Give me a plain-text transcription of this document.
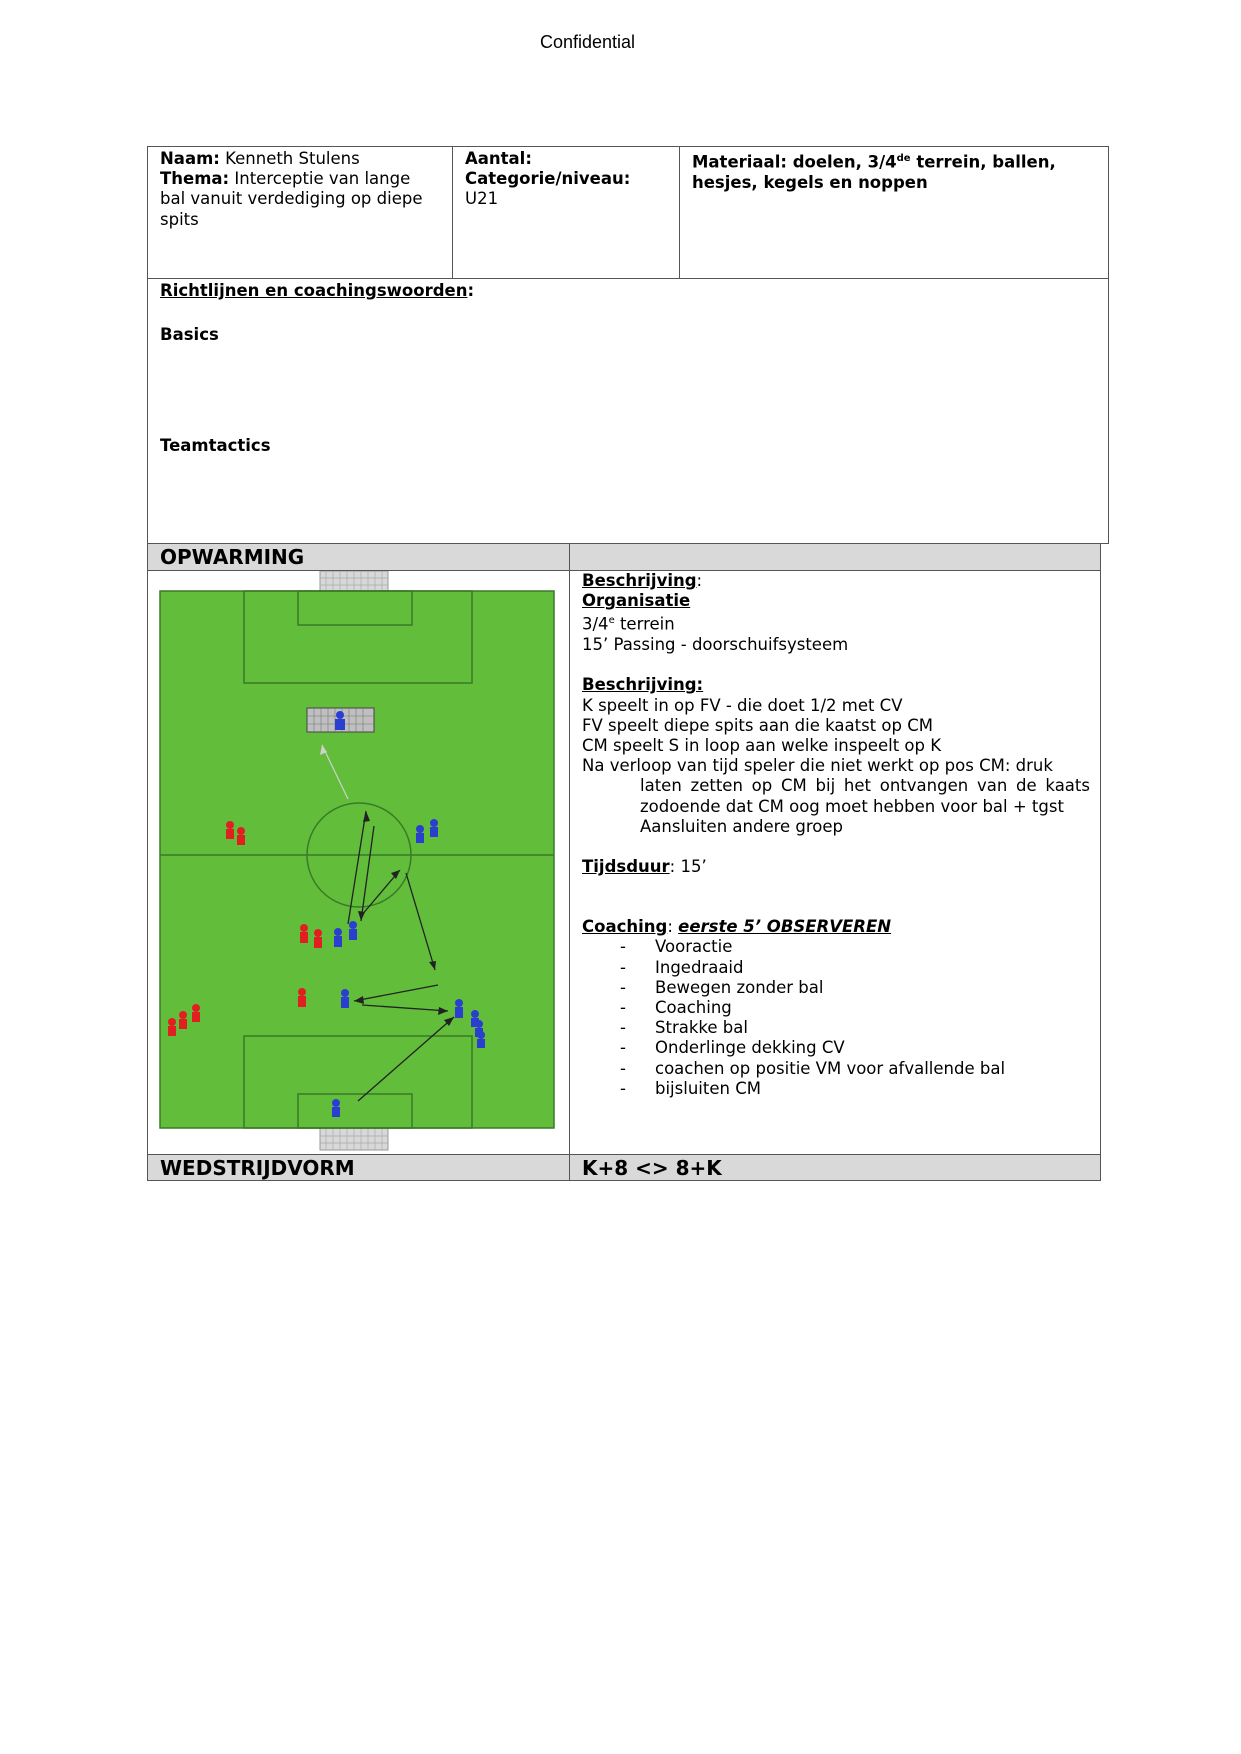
Confidential
Naam: Kenneth Stulens
Thema: Interceptie van lange bal vanuit verdediging op diepe spits
Aantal:
Categorie/niveau:
U21
Materiaal: doelen, 3/4de terrein, ballen, hesjes, kegels en noppen
Richtlijnen en coachingswoorden:
Basics
Teamtactics
OPWARMING
Beschrijving:
Organisatie
3/4e terrein
15’ Passing - doorschuifsysteem
Beschrijving:
K speelt in op FV - die doet 1/2 met CV
FV speelt diepe spits aan die kaatst op CM
CM speelt S in loop aan welke inspeelt op K
Na verloop van tijd speler die niet werkt op pos CM: druk
laten zetten op CM bij het ontvangen van de kaats zodoende dat CM oog moet hebben voor bal + tgst
Aansluiten andere groep
Tijdsduur: 15’
Coaching: eerste 5’ OBSERVEREN
- Vooractie
- Ingedraaid
- Bewegen zonder bal
- Coaching
- Strakke bal
- Onderlinge dekking CV
- coachen op positie VM voor afvallende bal
- bijsluiten CM
WEDSTRIJDVORM	K+8 <> 8+K
